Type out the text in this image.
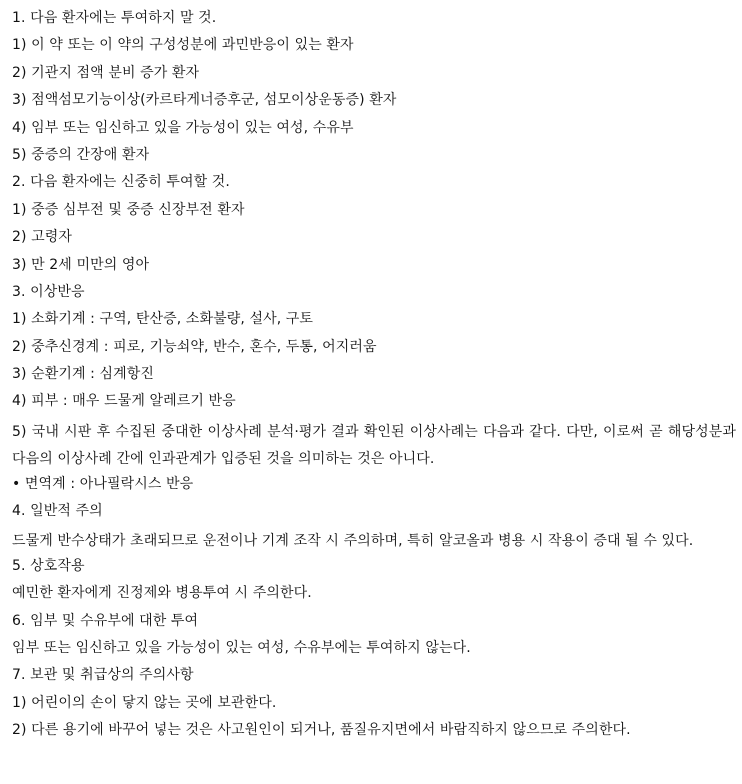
1. 다음 환자에는 투여하지 말 것.
1) 이 약 또는 이 약의 구성성분에 과민반응이 있는 환자
2) 기관지 점액 분비 증가 환자
3) 점액섬모기능이상(카르타게너증후군, 섬모이상운동증) 환자
4) 임부 또는 임신하고 있을 가능성이 있는 여성, 수유부
5) 중증의 간장애 환자
2. 다음 환자에는 신중히 투여할 것.
1) 중증 심부전 및 중증 신장부전 환자
2) 고령자
3) 만 2세 미만의 영아
3. 이상반응
1) 소화기계 : 구역, 탄산증, 소화불량, 설사, 구토
2) 중추신경계 : 피로, 기능쇠약, 반수, 혼수, 두통, 어지러움
3) 순환기계 : 심계항진
4) 피부 : 매우 드물게 알레르기 반응
5) 국내 시판 후 수집된 중대한 이상사례 분석·평가 결과 확인된 이상사례는 다음과 같다. 다만, 이로써 곧 해당성분과 다음의 이상사례 간에 인과관계가 입증된 것을 의미하는 것은 아니다.
• 면역계 : 아나필락시스 반응
4. 일반적 주의
드물게 반수상태가 초래되므로 운전이나 기계 조작 시 주의하며, 특히 알코올과 병용 시 작용이 증대 될 수 있다.
5. 상호작용
예민한 환자에게 진정제와 병용투여 시 주의한다.
6. 임부 및 수유부에 대한 투여
임부 또는 임신하고 있을 가능성이 있는 여성, 수유부에는 투여하지 않는다.
7. 보관 및 취급상의 주의사항
1) 어린이의 손이 닿지 않는 곳에 보관한다.
2) 다른 용기에 바꾸어 넣는 것은 사고원인이 되거나, 품질유지면에서 바람직하지 않으므로 주의한다.
